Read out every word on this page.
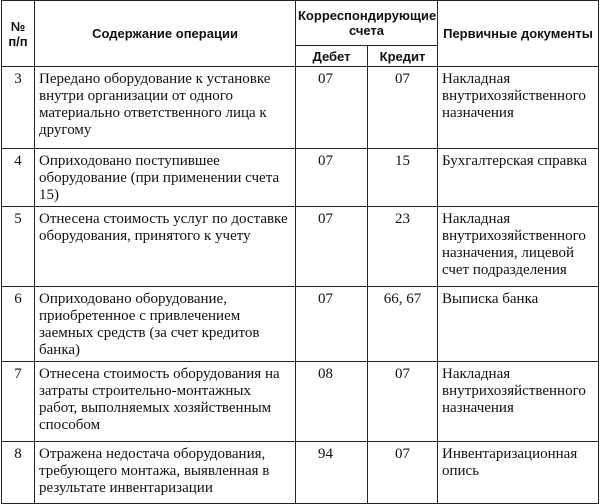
№ п/п	Содержание операции	Корреспондирующие счета		Первичные документы
		Дебет	Кредит	
3	Передано оборудование к установке внутри организации от одного материально ответственного лица к другому	07	07	Накладная внутрихозяйственного назначения
4	Оприходовано поступившее оборудование (при применении счета 15)	07	15	Бухгалтерская справка
5	Отнесена стоимость услуг по доставке оборудования, принятого к учету	07	23	Накладная внутрихозяйственного назначения, лицевой счет подразделения
6	Оприходовано оборудование, приобретенное с привлечением заемных средств (за счет кредитов банка)	07	66, 67	Выписка банка
7	Отнесена стоимость оборудования на затраты строительно-монтажных работ, выполняемых хозяйственным способом	08	07	Накладная внутрихозяйственного назначения
8	Отражена недостача оборудования, требующего монтажа, выявленная в результате инвентаризации	94	07	Инвентаризационная опись
